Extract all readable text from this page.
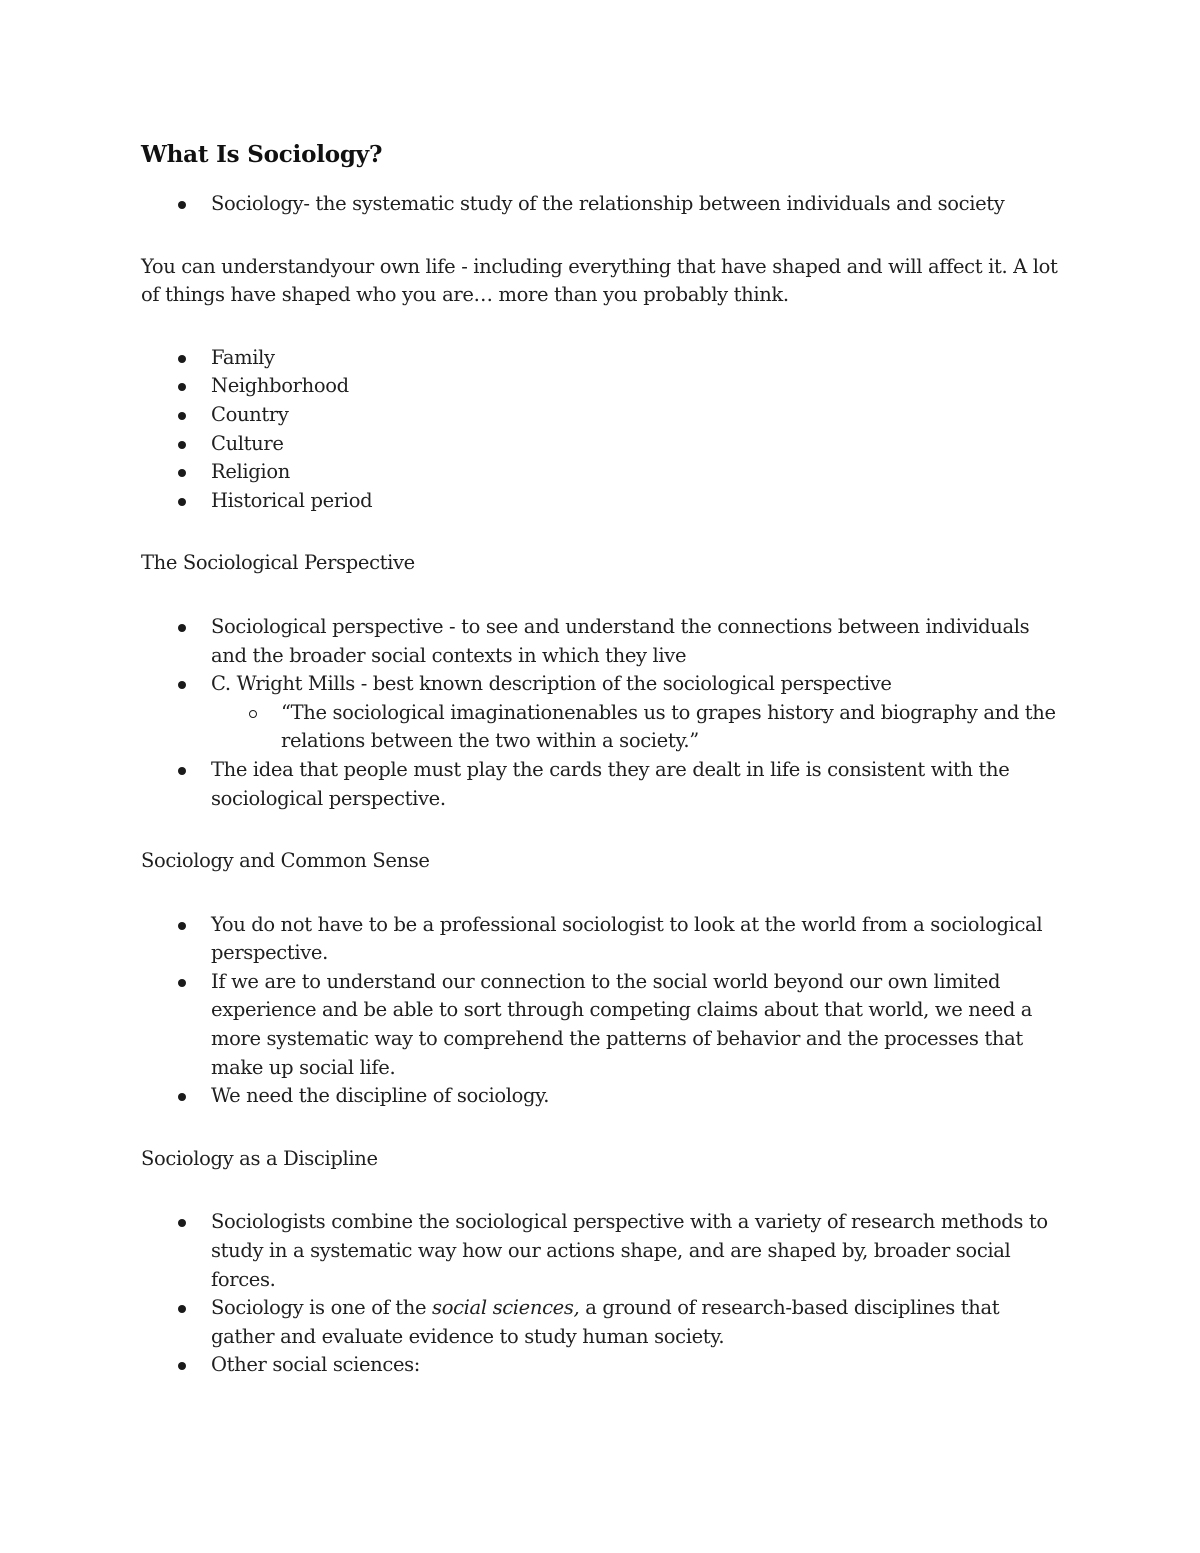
What Is Sociology?
Sociology- the systematic study of the relationship between individuals and society

You can understandyour own life - including everything that have shaped and will affect it. A lot of things have shaped who you are… more than you probably think.

Family
Neighborhood
Country
Culture
Religion
Historical period

The Sociological Perspective

Sociological perspective - to see and understand the connections between individuals and the broader social contexts in which they live
C. Wright Mills - best known description of the sociological perspective
“The sociological imaginationenables us to grapes history and biography and the relations between the two within a society.”
The idea that people must play the cards they are dealt in life is consistent with the sociological perspective.

Sociology and Common Sense

You do not have to be a professional sociologist to look at the world from a sociological perspective.
If we are to understand our connection to the social world beyond our own limited experience and be able to sort through competing claims about that world, we need a more systematic way to comprehend the patterns of behavior and the processes that make up social life.
We need the discipline of sociology.

Sociology as a Discipline

Sociologists combine the sociological perspective with a variety of research methods to study in a systematic way how our actions shape, and are shaped by, broader social forces.
Sociology is one of the social sciences, a ground of research-based disciplines that gather and evaluate evidence to study human society.
Other social sciences:
